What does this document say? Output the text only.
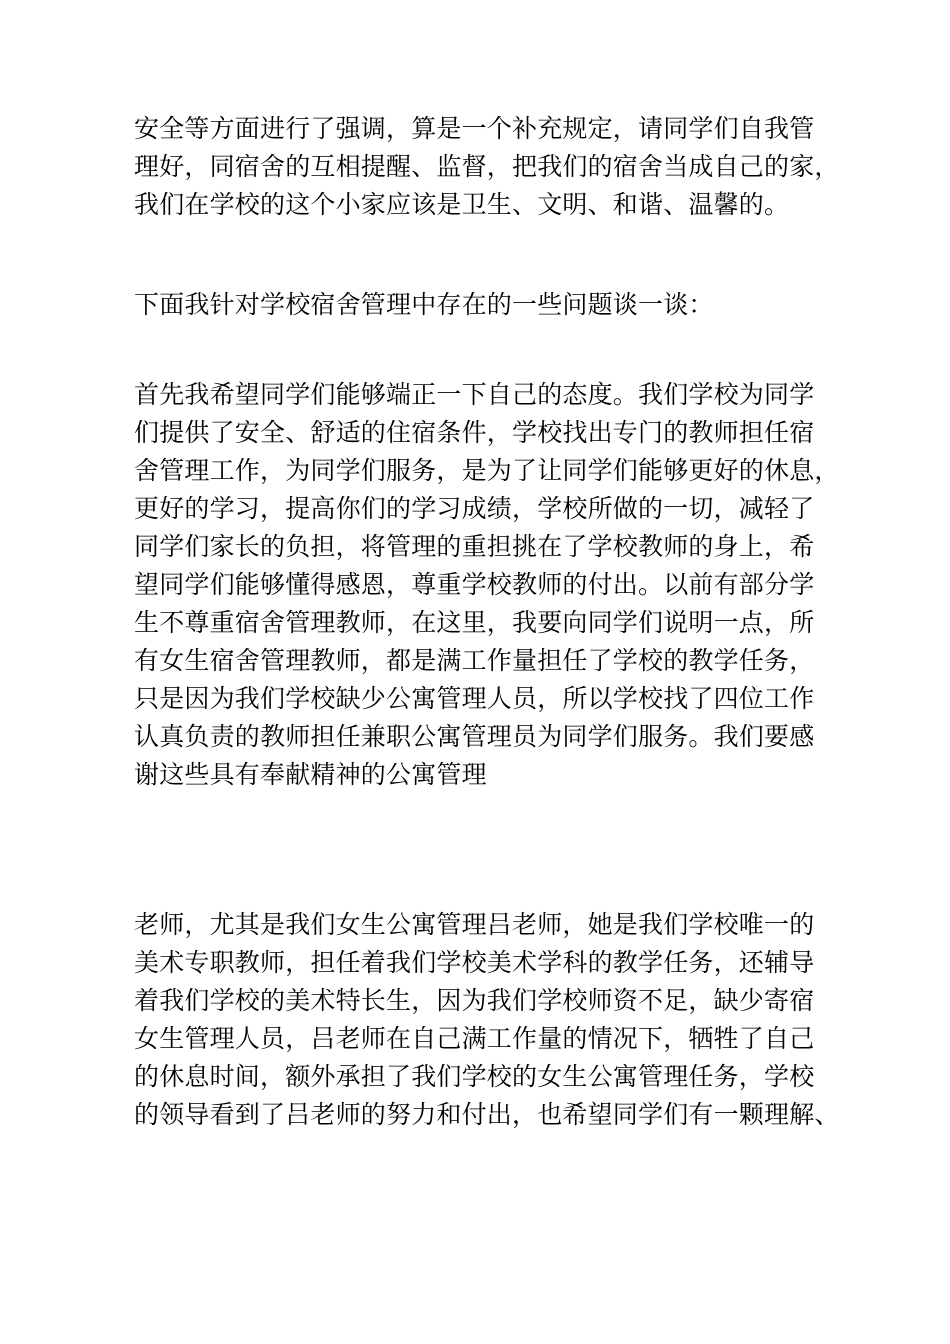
安全等方面进行了强调，算是一个补充规定，请同学们自我管
理好，同宿舍的互相提醒、监督，把我们的宿舍当成自己的家，
我们在学校的这个小家应该是卫生、文明、和谐、温馨的。
下面我针对学校宿舍管理中存在的一些问题谈一谈：
首先我希望同学们能够端正一下自己的态度。我们学校为同学
们提供了安全、舒适的住宿条件，学校找出专门的教师担任宿
舍管理工作，为同学们服务，是为了让同学们能够更好的休息，
更好的学习，提高你们的学习成绩，学校所做的一切，减轻了
同学们家长的负担，将管理的重担挑在了学校教师的身上，希
望同学们能够懂得感恩，尊重学校教师的付出。以前有部分学
生不尊重宿舍管理教师，在这里，我要向同学们说明一点，所
有女生宿舍管理教师，都是满工作量担任了学校的教学任务，
只是因为我们学校缺少公寓管理人员，所以学校找了四位工作
认真负责的教师担任兼职公寓管理员为同学们服务。我们要感
谢这些具有奉献精神的公寓管理
老师，尤其是我们女生公寓管理吕老师，她是我们学校唯一的
美术专职教师，担任着我们学校美术学科的教学任务，还辅导
着我们学校的美术特长生，因为我们学校师资不足，缺少寄宿
女生管理人员，吕老师在自己满工作量的情况下，牺牲了自己
的休息时间，额外承担了我们学校的女生公寓管理任务，学校
的领导看到了吕老师的努力和付出，也希望同学们有一颗理解、
